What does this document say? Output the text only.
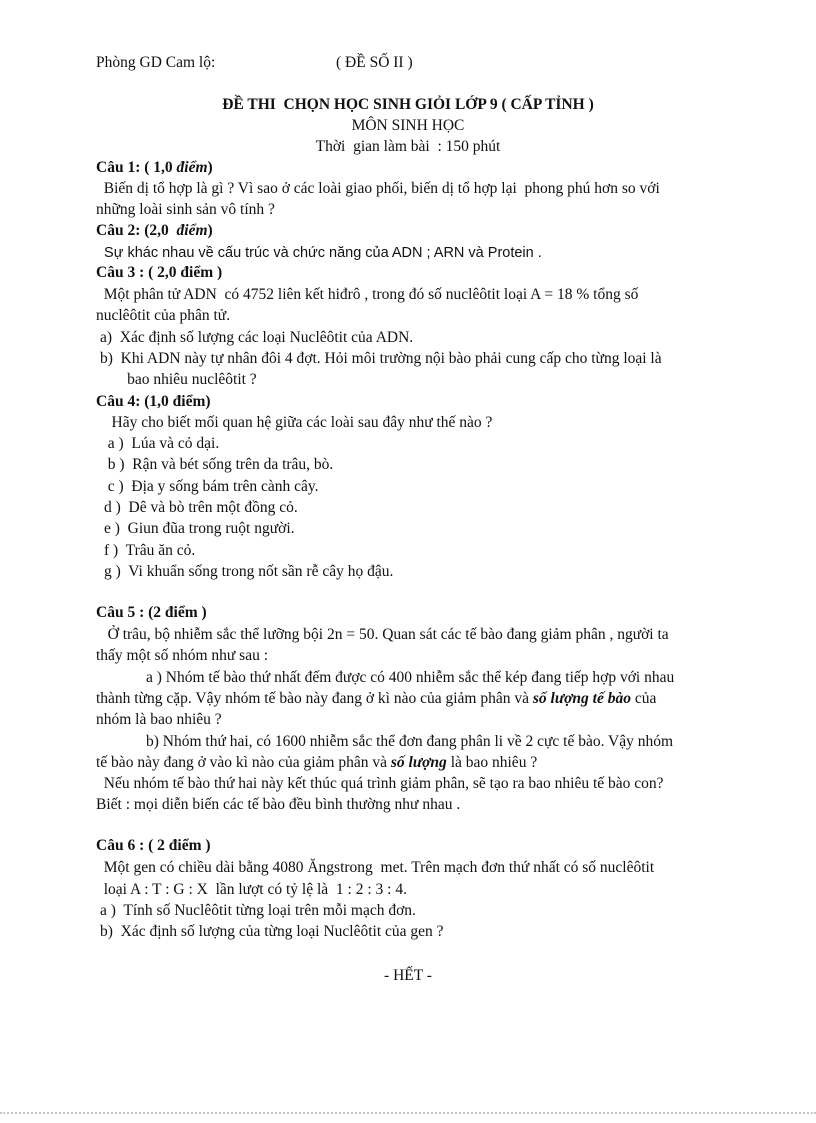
Phòng GD Cam lộ:	( ĐỀ SỐ II )
ĐỀ THI  CHỌN HỌC SINH GIỎI LỚP 9 ( CẤP TỈNH )
MÔN SINH HỌC
Thời  gian làm bài  : 150 phút
Câu 1: ( 1,0 điểm)
Biến dị tổ hợp là gì ? Vì sao ở các loài giao phối, biến dị tổ hợp lại  phong phú hơn so với
những loài sinh sản vô tính ?
Câu 2: (2,0  điểm)
Sự khác nhau về cấu trúc và chức năng của ADN ; ARN và Protein .
Câu 3 : ( 2,0 điểm )
Một phân tử ADN  có 4752 liên kết hiđrô , trong đó số nuclêôtit loại A = 18 % tổng số
nuclêôtit của phân tử.
a)  Xác định số lượng các loại Nuclêôtit của ADN.
b)  Khi ADN này tự nhân đôi 4 đợt. Hỏi môi trường nội bào phải cung cấp cho từng loại là
bao nhiêu nuclêôtit ?
Câu 4: (1,0 điểm)
Hãy cho biết mối quan hệ giữa các loài sau đây như thế nào ?
a )  Lúa và cỏ dại.
b )  Rận và bét sống trên da trâu, bò.
c )  Địa y sống bám trên cành cây.
d )  Dê và bò trên một đồng cỏ.
e )  Giun đũa trong ruột người.
f )  Trâu ăn cỏ.
g )  Vi khuẩn sống trong nốt sần rễ cây họ đậu.
Câu 5 : (2 điểm )
Ở trâu, bộ nhiễm sắc thể lưỡng bội 2n = 50. Quan sát các tế bào đang giảm phân , người ta
thấy một số nhóm như sau :
a ) Nhóm tế bào thứ nhất đếm được có 400 nhiễm sắc thể kép đang tiếp hợp với nhau
thành từng cặp. Vậy nhóm tế bào này đang ở kì nào của giảm phân và số lượng tế bào của
nhóm là bao nhiêu ?
b) Nhóm thứ hai, có 1600 nhiễm sắc thể đơn đang phân li về 2 cực tế bào. Vậy nhóm
tế bào này đang ở vào kì nào của giảm phân và số lượng là bao nhiêu ?
Nếu nhóm tế bào thứ hai này kết thúc quá trình giảm phân, sẽ tạo ra bao nhiêu tế bào con?
Biết : mọi diễn biến các tế bào đều bình thường như nhau .
Câu 6 : ( 2 điểm )
Một gen có chiều dài bằng 4080 Ăngstrong  met. Trên mạch đơn thứ nhất có số nuclêôtit
loại A : T : G : X  lần lượt có tỷ lệ là  1 : 2 : 3 : 4.
a )  Tính số Nuclêôtit từng loại trên mỗi mạch đơn.
b)  Xác định số lượng của từng loại Nuclêôtit của gen ?
- HẾT -
